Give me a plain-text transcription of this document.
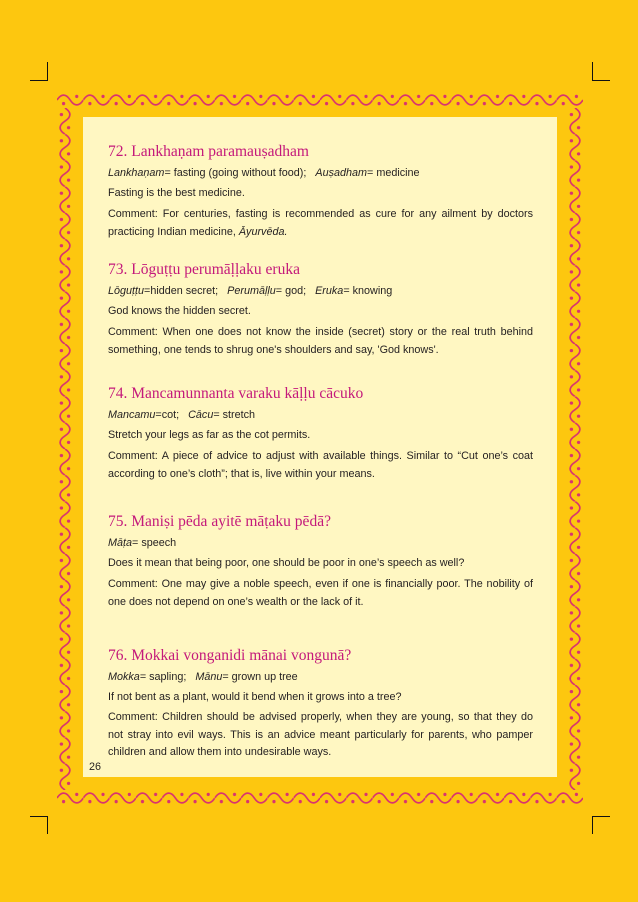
72. Lankhaṇam paramauṣadham
Lankhaṇam= fasting (going without food); Auṣadham= medicine
Fasting is the best medicine.
Comment: For centuries, fasting is recommended as cure for any ailment by doctors
practicing Indian medicine, Āyurvēda.
73. Lōguṭṭu perumāḷḷaku eruka
Lōguṭṭu=hidden secret; Perumāḷḷu= god; Eruka= knowing
God knows the hidden secret.
Comment: When one does not know the inside (secret) story or the real truth behind
something, one tends to shrug one's shoulders and say, 'God knows'.
74. Mancamunnanta varaku kāḷḷu cācuko
Mancamu=cot; Cācu= stretch
Stretch your legs as far as the cot permits.
Comment: A piece of advice to adjust with available things. Similar to “Cut one’s coat
according to one’s cloth”; that is, live within your means.
75. Maniṣi pēda ayitē māṭaku pēdā?
Māṭa= speech
Does it mean that being poor, one should be poor in one’s speech as well?
Comment: One may give a noble speech, even if one is financially poor. The nobility of
one does not depend on one’s wealth or the lack of it.
76. Mokkai vonganidi mānai vongunā?
Mokka= sapling; Mānu= grown up tree
If not bent as a plant, would it bend when it grows into a tree?
Comment: Children should be advised properly, when they are young, so that they do
not stray into evil ways. This is an advice meant particularly for parents, who pamper
children and allow them into undesirable ways.
26
